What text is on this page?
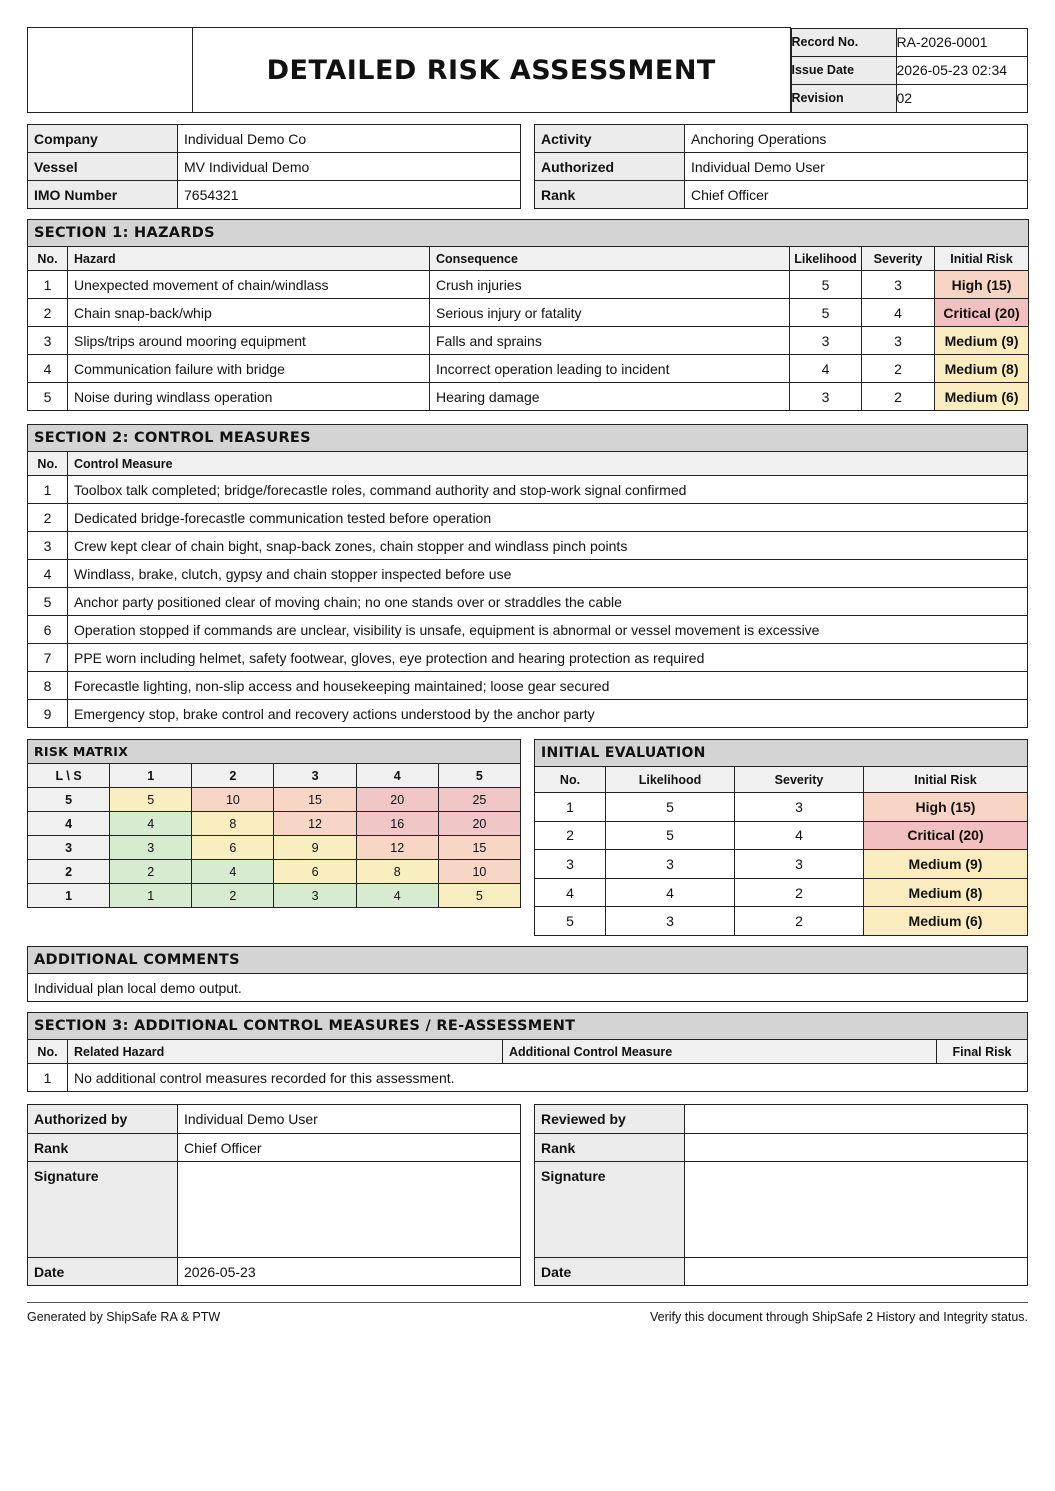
	DETAILED RISK ASSESSMENT	
Record No.	RA-2026-0001
Issue Date	2026-05-23 02:34
Revision	02
Company	Individual Demo Co
Vessel	MV Individual Demo
IMO Number	7654321
Activity	Anchoring Operations
Authorized	Individual Demo User
Rank	Chief Officer
SECTION 1: HAZARDS					
No.	Hazard	Consequence	Likelihood	Severity	Initial Risk
1	Unexpected movement of chain/windlass	Crush injuries	5	3	High (15)
2	Chain snap-back/whip	Serious injury or fatality	5	4	Critical (20)
3	Slips/trips around mooring equipment	Falls and sprains	3	3	Medium (9)
4	Communication failure with bridge	Incorrect operation leading to incident	4	2	Medium (8)
5	Noise during windlass operation	Hearing damage	3	2	Medium (6)
SECTION 2: CONTROL MEASURES	
No.	Control Measure
1	Toolbox talk completed; bridge/forecastle roles, command authority and stop-work signal confirmed
2	Dedicated bridge-forecastle communication tested before operation
3	Crew kept clear of chain bight, snap-back zones, chain stopper and windlass pinch points
4	Windlass, brake, clutch, gypsy and chain stopper inspected before use
5	Anchor party positioned clear of moving chain; no one stands over or straddles the cable
6	Operation stopped if commands are unclear, visibility is unsafe, equipment is abnormal or vessel movement is excessive
7	PPE worn including helmet, safety footwear, gloves, eye protection and hearing protection as required
8	Forecastle lighting, non-slip access and housekeeping maintained; loose gear secured
9	Emergency stop, brake control and recovery actions understood by the anchor party
RISK MATRIX					
L \ S	1	2	3	4	5
5	5	10	15	20	25
4	4	8	12	16	20
3	3	6	9	12	15
2	2	4	6	8	10
1	1	2	3	4	5
INITIAL EVALUATION			
No.	Likelihood	Severity	Initial Risk
1	5	3	High (15)
2	5	4	Critical (20)
3	3	3	Medium (9)
4	4	2	Medium (8)
5	3	2	Medium (6)
ADDITIONAL COMMENTS
Individual plan local demo output.
SECTION 3: ADDITIONAL CONTROL MEASURES / RE-ASSESSMENT			
No.	Related Hazard	Additional Control Measure	Final Risk
1	No additional control measures recorded for this assessment.		
Authorized by	Individual Demo User
Rank	Chief Officer
Signature	
Date	2026-05-23
Reviewed by	
Rank	
Signature	
Date	
Generated by ShipSafe RA & PTW	Verify this document through ShipSafe 2 History and Integrity status.
